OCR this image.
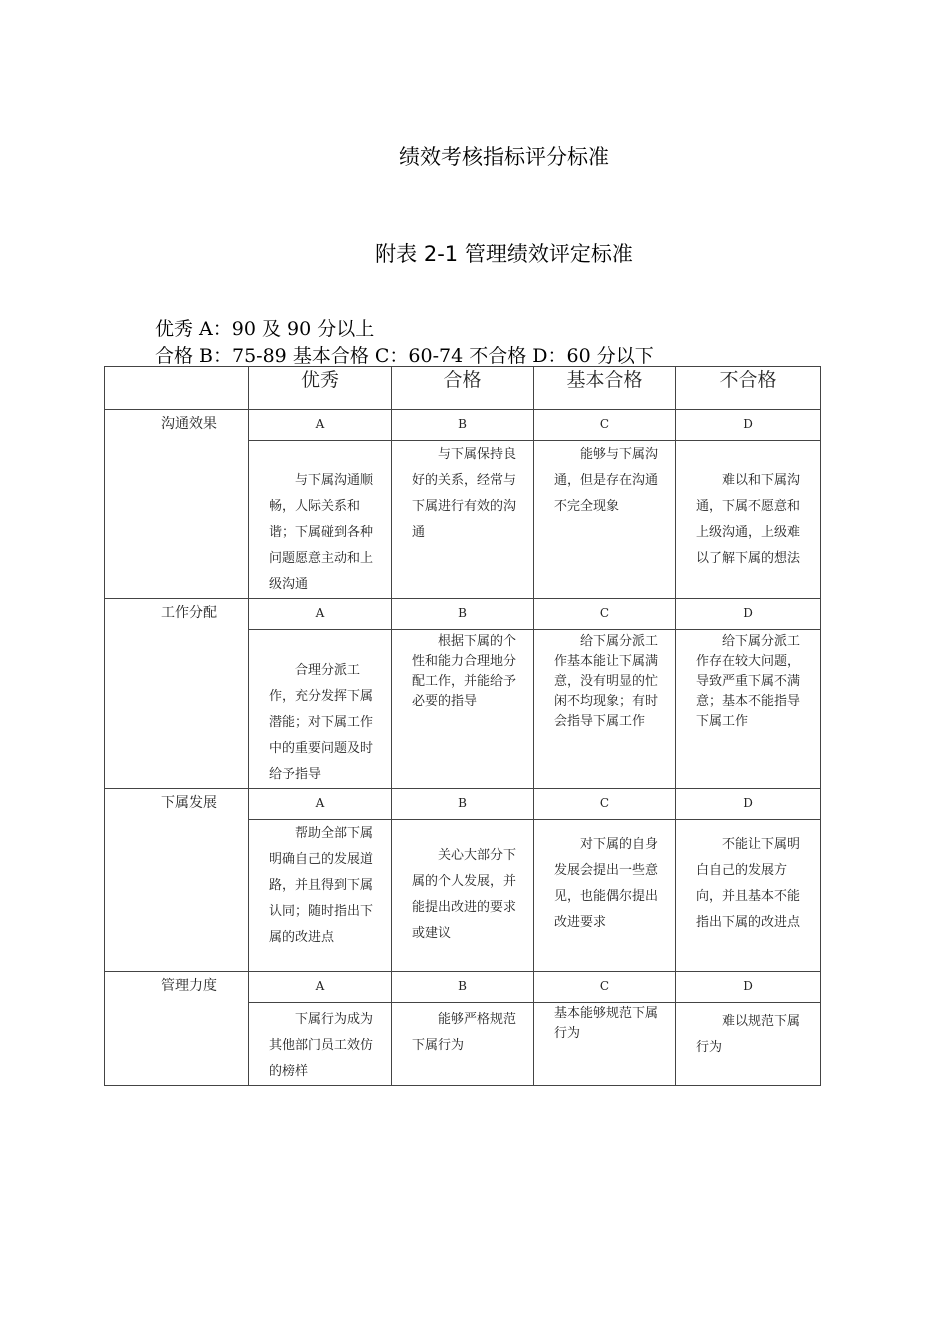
绩效考核指标评分标准
附表 2-1 管理绩效评定标准
优秀 A：90 及 90 分以上
合格 B：75-89 基本合格 C：60-74 不合格 D：60 分以下
	优秀	合格	基本合格	不合格
沟通效果	A	B	C	D

	与下属沟通顺畅，人际关系和谐；下属碰到各种问题愿意主动和上级沟通	与下属保持良好的关系，经常与下属进行有效的沟通	能够与下属沟通，但是存在沟通不完全现象	难以和下属沟通，下属不愿意和上级沟通，上级难以了解下属的想法

工作分配	A	B	C	D

	合理分派工作，充分发挥下属潜能；对下属工作中的重要问题及时给予指导	根据下属的个性和能力合理地分配工作，并能给予必要的指导	给下属分派工作基本能让下属满意，没有明显的忙闲不均现象；有时会指导下属工作	给下属分派工作存在较大问题，导致严重下属不满意；基本不能指导下属工作

下属发展	A	B	C	D

	帮助全部下属明确自己的发展道路，并且得到下属认同；随时指出下属的改进点	关心大部分下属的个人发展，并能提出改进的要求或建议	对下属的自身发展会提出一些意见，也能偶尔提出改进要求	不能让下属明白自己的发展方向，并且基本不能指出下属的改进点

管理力度	A	B	C	D

	下属行为成为其他部门员工效仿的榜样	能够严格规范下属行为	基本能够规范下属行为	难以规范下属行为
